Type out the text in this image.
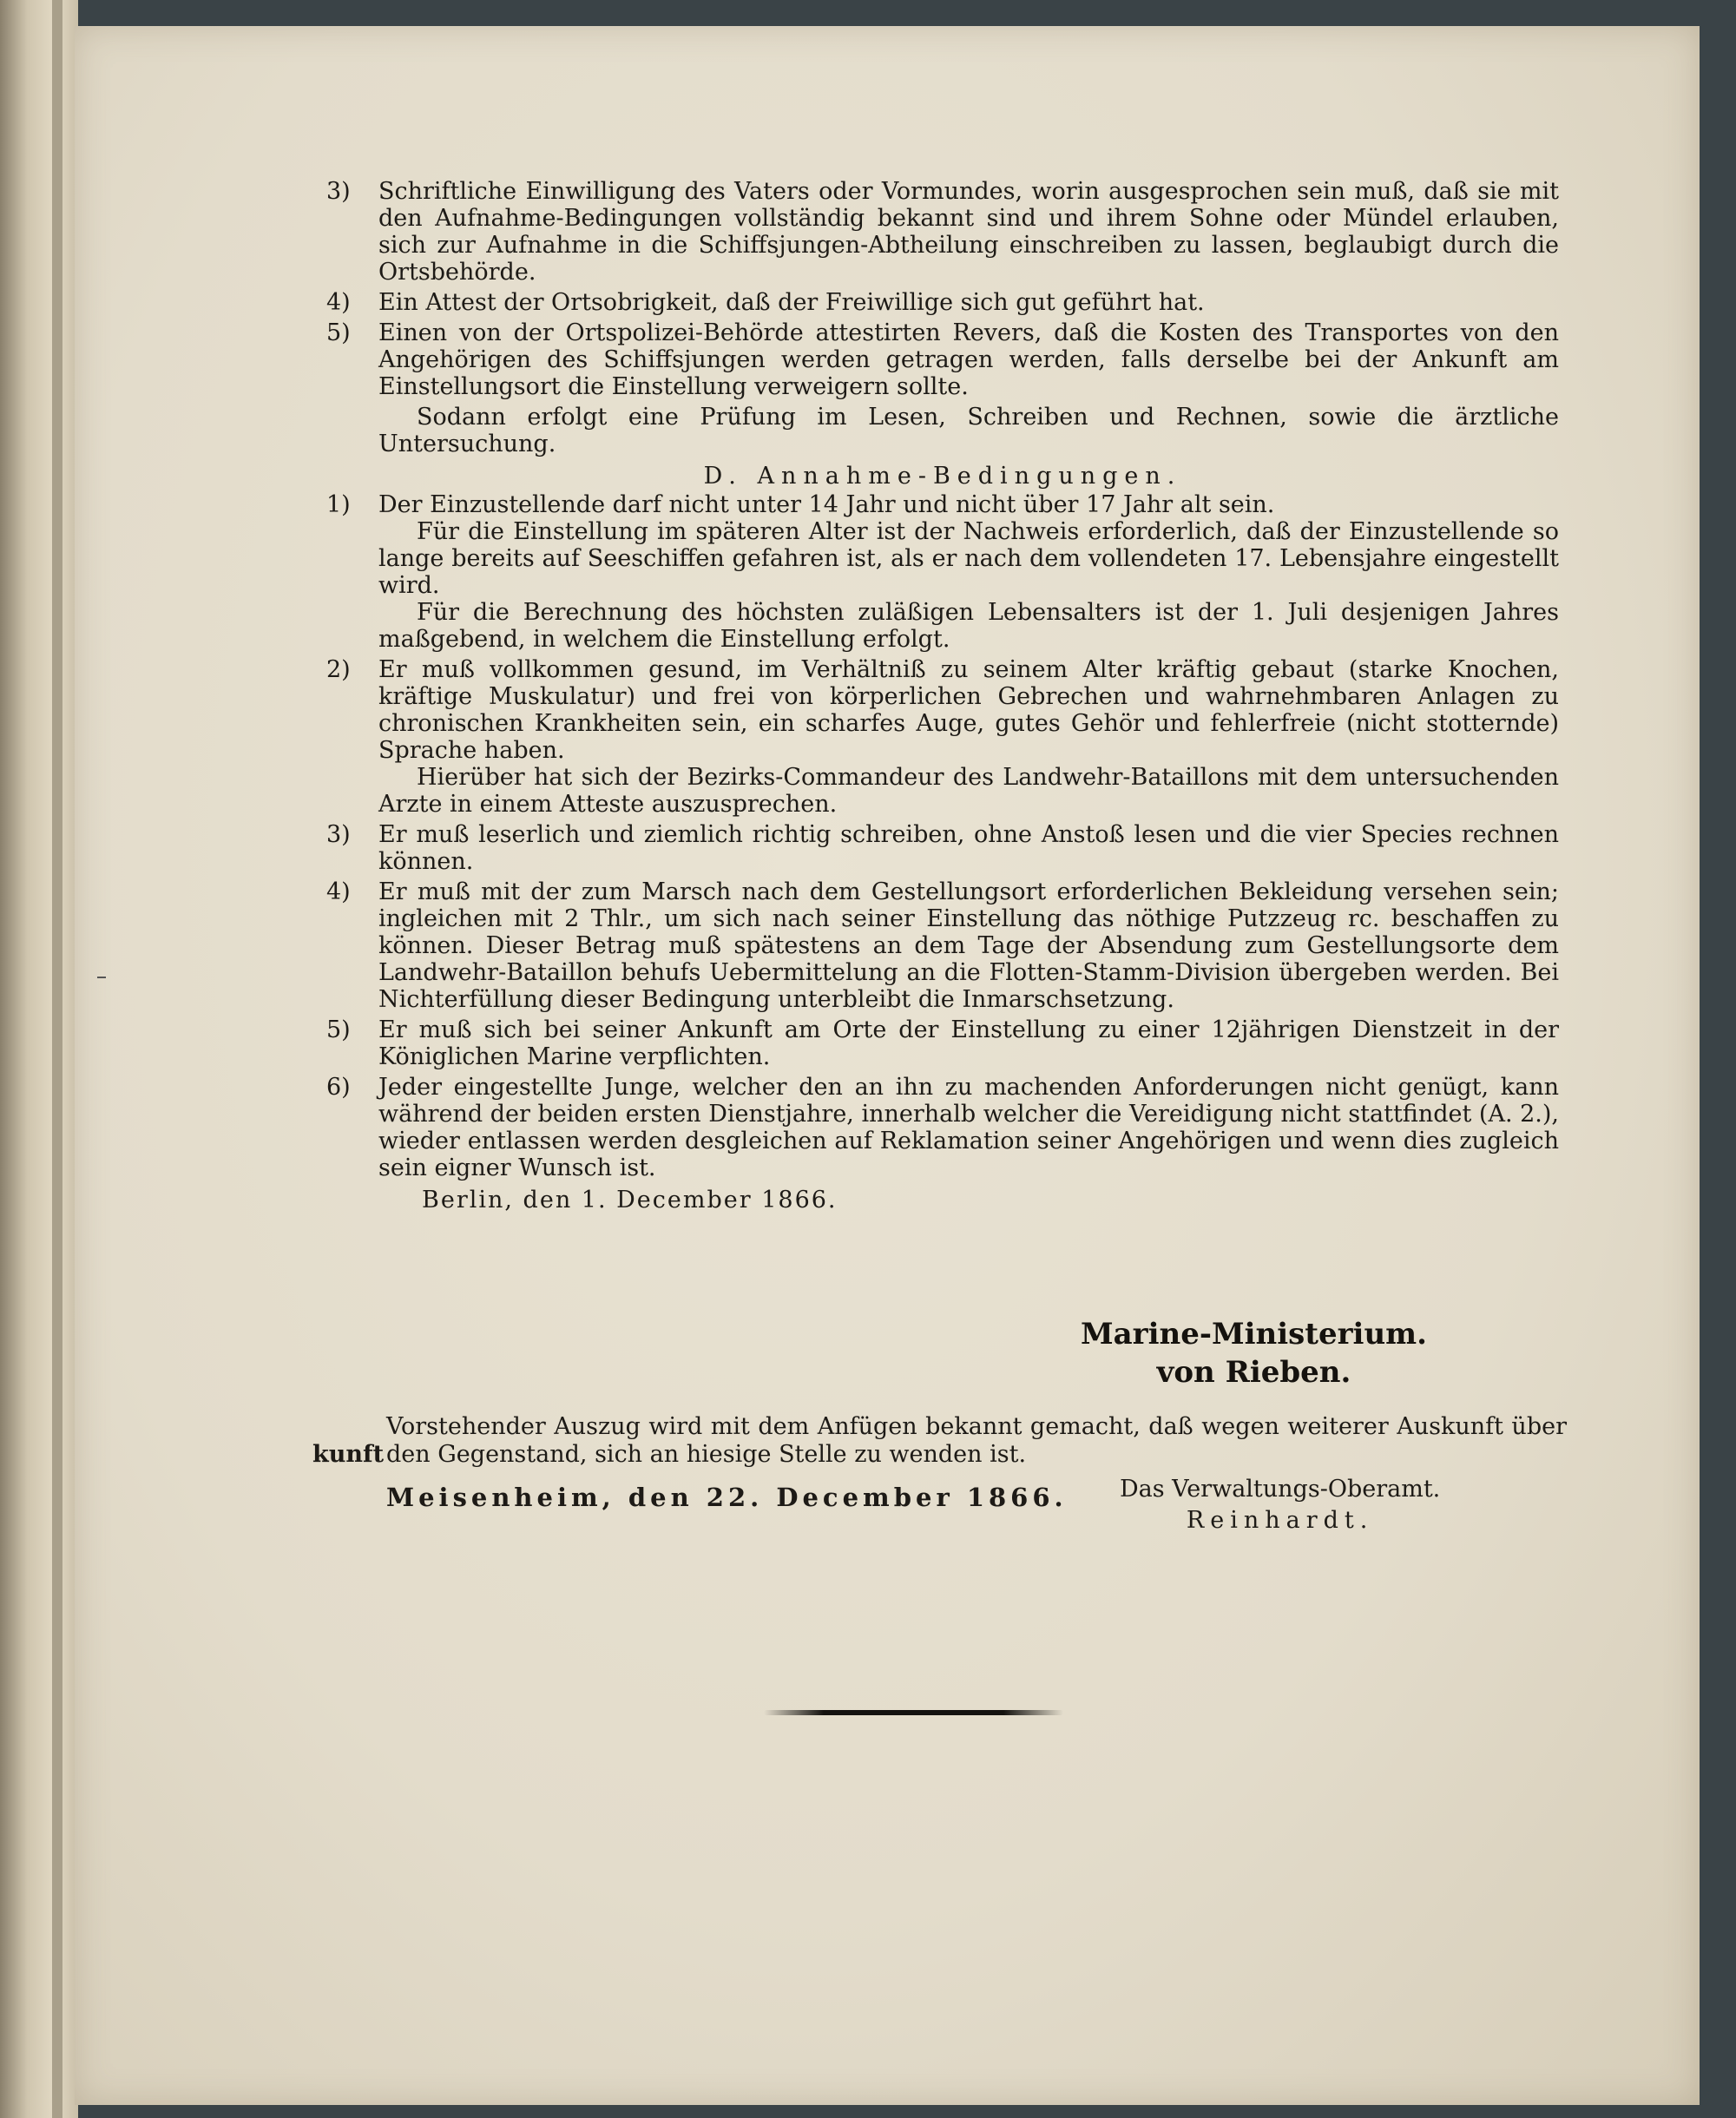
3)	Schriftliche Einwilligung des Vaters oder Vormundes, worin ausgesprochen sein muß, daß sie mit den Aufnahme-Bedingungen vollständig bekannt sind und ihrem Sohne oder Mündel erlauben, sich zur Aufnahme in die Schiffsjungen-Abtheilung einschreiben zu lassen, beglaubigt durch die Ortsbehörde.
4)	Ein Attest der Ortsobrigkeit, daß der Freiwillige sich gut geführt hat.
5)	Einen von der Ortspolizei-Behörde attestirten Revers, daß die Kosten des Transportes von den Angehörigen des Schiffsjungen werden getragen werden, falls derselbe bei der Ankunft am Einstellungsort die Einstellung verweigern sollte.
Sodann erfolgt eine Prüfung im Lesen, Schreiben und Rechnen, sowie die ärztliche Untersuchung.
D. Annahme-Bedingungen.
1)	Der Einzustellende darf nicht unter 14 Jahr und nicht über 17 Jahr alt sein.
Für die Einstellung im späteren Alter ist der Nachweis erforderlich, daß der Einzustellende so lange bereits auf Seeschiffen gefahren ist, als er nach dem vollendeten 17. Lebensjahre eingestellt wird.
Für die Berechnung des höchsten zuläßigen Lebensalters ist der 1. Juli desjenigen Jahres maßgebend, in welchem die Einstellung erfolgt.
2)	Er muß vollkommen gesund, im Verhältniß zu seinem Alter kräftig gebaut (starke Knochen, kräftige Muskulatur) und frei von körperlichen Gebrechen und wahrnehmbaren Anlagen zu chronischen Krankheiten sein, ein scharfes Auge, gutes Gehör und fehlerfreie (nicht stotternde) Sprache haben.
Hierüber hat sich der Bezirks-Commandeur des Landwehr-Bataillons mit dem untersuchenden Arzte in einem Atteste auszusprechen.
3)	Er muß leserlich und ziemlich richtig schreiben, ohne Anstoß lesen und die vier Species rechnen können.
4)	Er muß mit der zum Marsch nach dem Gestellungsort erforderlichen Bekleidung versehen sein; ingleichen mit 2 Thlr., um sich nach seiner Einstellung das nöthige Putzzeug rc. beschaffen zu können. Dieser Betrag muß spätestens an dem Tage der Absendung zum Gestellungsorte dem Landwehr-Bataillon behufs Uebermittelung an die Flotten-Stamm-Division übergeben werden. Bei Nichterfüllung dieser Bedingung unterbleibt die Inmarschsetzung.
5)	Er muß sich bei seiner Ankunft am Orte der Einstellung zu einer 12jährigen Dienstzeit in der Königlichen Marine verpflichten.
6)	Jeder eingestellte Junge, welcher den an ihn zu machenden Anforderungen nicht genügt, kann während der beiden ersten Dienstjahre, innerhalb welcher die Vereidigung nicht stattfindet (A. 2.), wieder entlassen werden desgleichen auf Reklamation seiner Angehörigen und wenn dies zugleich sein eigner Wunsch ist.
Berlin, den 1. December 1866.
Marine-Ministerium.
von Rieben.
Vorstehender Auszug wird mit dem Anfügen bekannt gemacht, daß wegen weiterer Auskunft über den Gegenstand, sich an hiesige Stelle zu wenden ist.
kunft
Meisenheim, den 22. December 1866. Das Verwaltungs-Oberamt.
Reinhardt.
